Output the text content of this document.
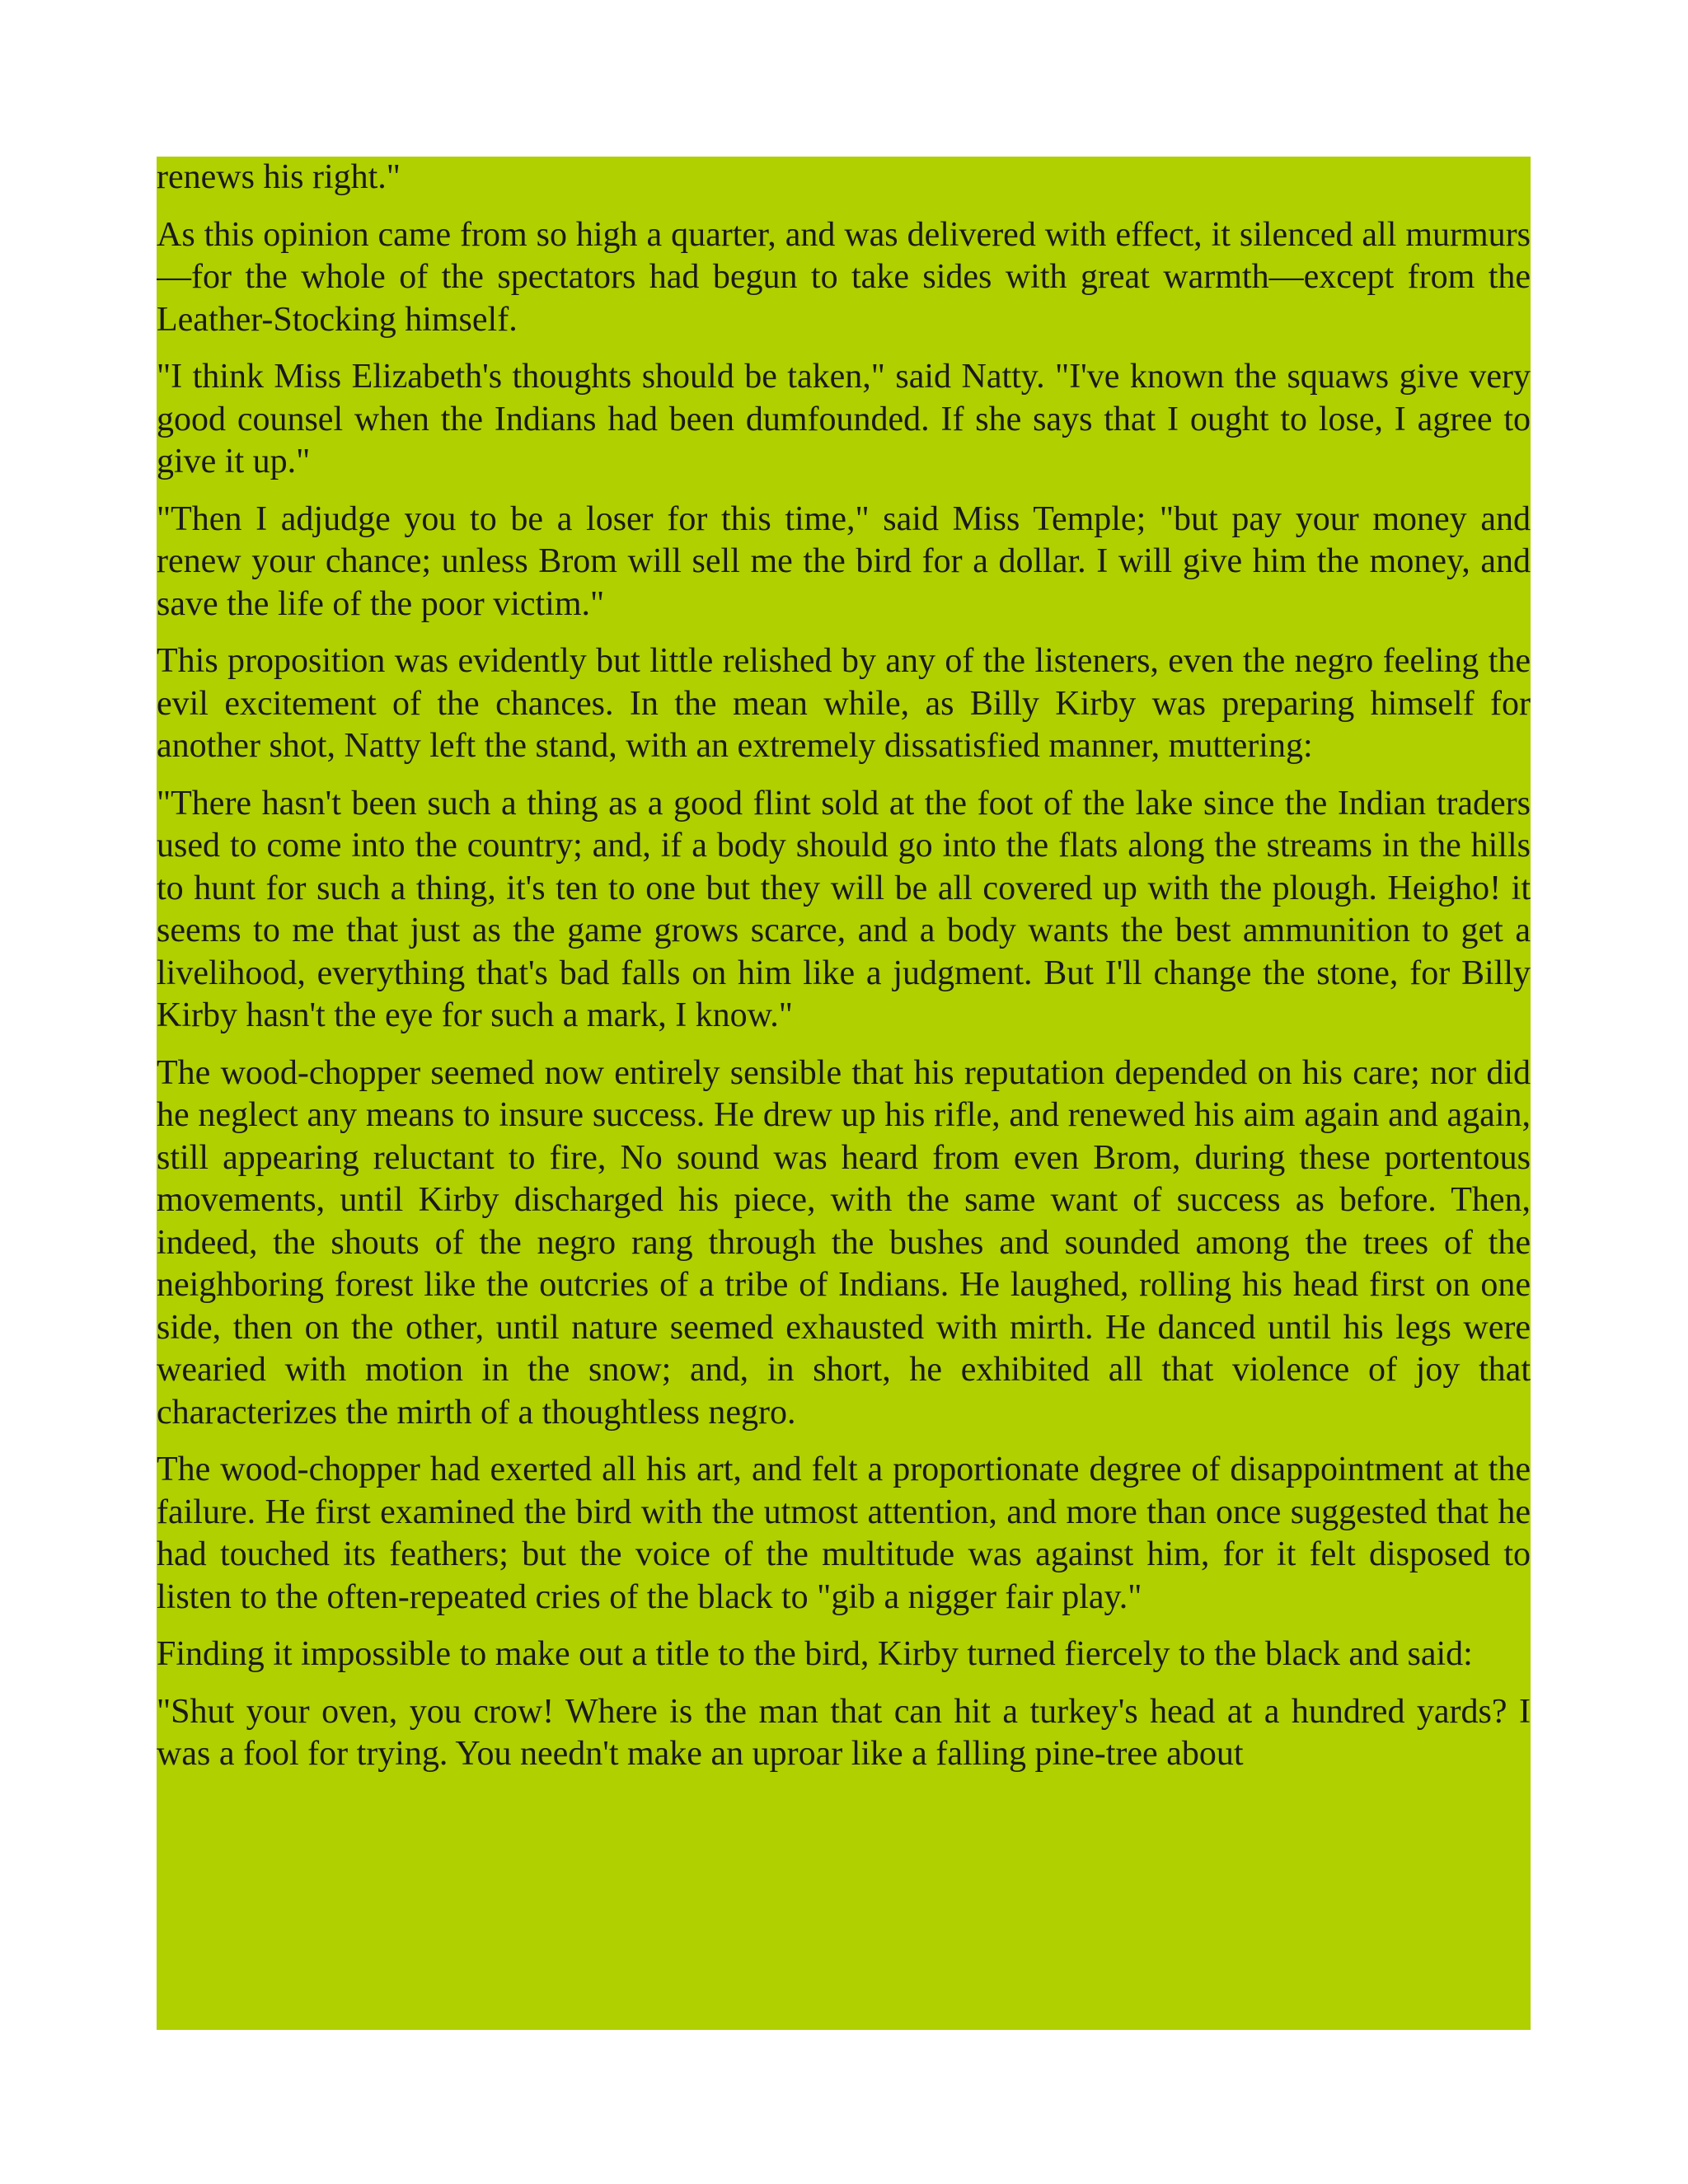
renews his right."

As this opinion came from so high a quarter, and was delivered with effect, it silenced all murmurs—for the whole of the spectators had begun to take sides with great warmth—except from the Leather-Stocking himself.

"I think Miss Elizabeth's thoughts should be taken," said Natty. "I've known the squaws give very good counsel when the Indians had been dumfounded. If she says that I ought to lose, I agree to give it up."

"Then I adjudge you to be a loser for this time," said Miss Temple; "but pay your money and renew your chance; unless Brom will sell me the bird for a dollar. I will give him the money, and save the life of the poor victim."

This proposition was evidently but little relished by any of the listeners, even the negro feeling the evil excitement of the chances. In the mean while, as Billy Kirby was preparing himself for another shot, Natty left the stand, with an extremely dissatisfied manner, muttering:

"There hasn't been such a thing as a good flint sold at the foot of the lake since the Indian traders used to come into the country; and, if a body should go into the flats along the streams in the hills to hunt for such a thing, it's ten to one but they will be all covered up with the plough. Heigho! it seems to me that just as the game grows scarce, and a body wants the best ammunition to get a livelihood, everything that's bad falls on him like a judgment. But I'll change the stone, for Billy Kirby hasn't the eye for such a mark, I know."

The wood-chopper seemed now entirely sensible that his reputation depended on his care; nor did he neglect any means to insure success. He drew up his rifle, and renewed his aim again and again, still appearing reluctant to fire, No sound was heard from even Brom, during these portentous movements, until Kirby discharged his piece, with the same want of success as before. Then, indeed, the shouts of the negro rang through the bushes and sounded among the trees of the neighboring forest like the outcries of a tribe of Indians. He laughed, rolling his head first on one side, then on the other, until nature seemed exhausted with mirth. He danced until his legs were wearied with motion in the snow; and, in short, he exhibited all that violence of joy that characterizes the mirth of a thoughtless negro.

The wood-chopper had exerted all his art, and felt a proportionate degree of disappointment at the failure. He first examined the bird with the utmost attention, and more than once suggested that he had touched its feathers; but the voice of the multitude was against him, for it felt disposed to listen to the often-repeated cries of the black to "gib a nigger fair play."

Finding it impossible to make out a title to the bird, Kirby turned fiercely to the black and said:

"Shut your oven, you crow! Where is the man that can hit a turkey's head at a hundred yards? I was a fool for trying. You needn't make an uproar like a falling pine-tree about
